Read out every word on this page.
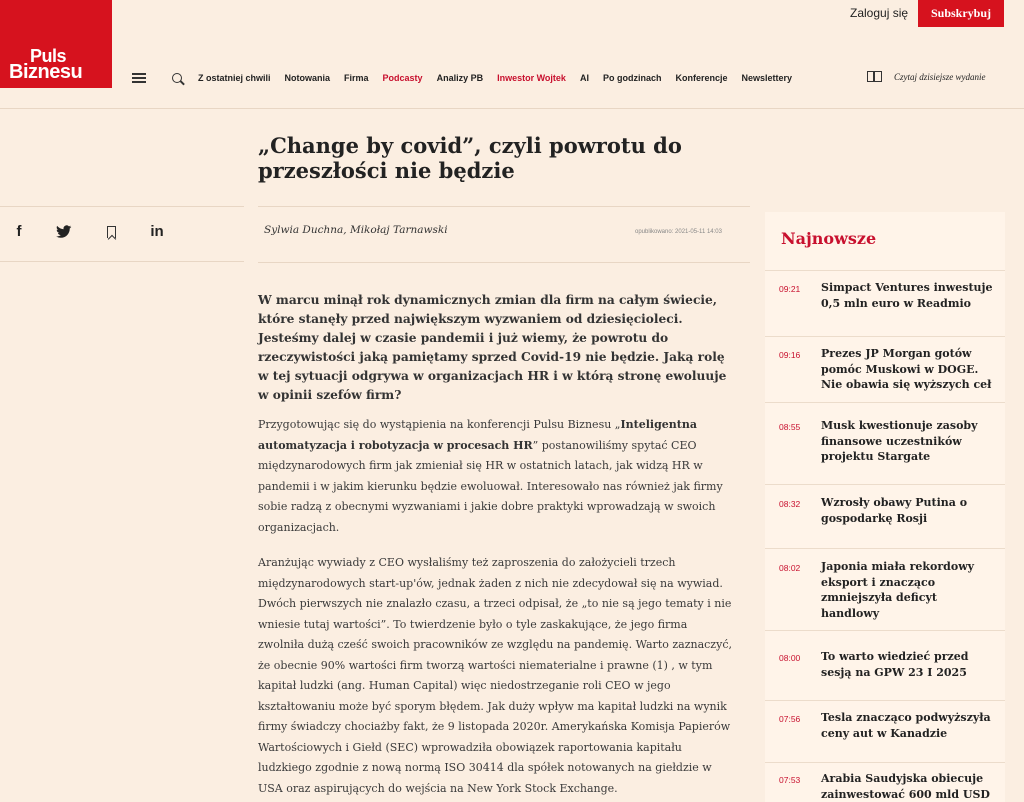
Puls
Biznesu
Zaloguj się	Subskrybuj
Z ostatniej chwili Notowania Firma Podcasty Analizy PB Inwestor Wojtek AI Po godzinach Konferencje Newslettery	Czytaj dzisiejsze wydanie
„Change by covid”, czyli powrotu do przeszłości nie będzie
f	in	Sylwia Duchna, Mikołaj Tarnawski	opublikowano: 2021-05-11 14:03

W marcu minął rok dynamicznych zmian dla firm na całym świecie, które stanęły przed największym wyzwaniem od dziesięcioleci. Jesteśmy dalej w czasie pandemii i już wiemy, że powrotu do rzeczywistości jaką pamiętamy sprzed Covid-19 nie będzie. Jaką rolę w tej sytuacji odgrywa w organizacjach HR i w którą stronę ewoluuje w opinii szefów firm?

Przygotowując się do wystąpienia na konferencji Pulsu Biznesu „Inteligentna automatyzacja i robotyzacja w procesach HR” postanowiliśmy spytać CEO międzynarodowych firm jak zmieniał się HR w ostatnich latach, jak widzą HR w pandemii i w jakim kierunku będzie ewoluował. Interesowało nas również jak firmy sobie radzą z obecnymi wyzwaniami i jakie dobre praktyki wprowadzają w swoich organizacjach.

Aranżując wywiady z CEO wysłaliśmy też zaproszenia do założycieli trzech międzynarodowych start-up'ów, jednak żaden z nich nie zdecydował się na wywiad. Dwóch pierwszych nie znalazło czasu, a trzeci odpisał, że „to nie są jego tematy i nie wniesie tutaj wartości”. To twierdzenie było o tyle zaskakujące, że jego firma zwolniła dużą cześć swoich pracowników ze względu na pandemię. Warto zaznaczyć, że obecnie 90% wartości firm tworzą wartości niematerialne i prawne (1) , w tym kapitał ludzki (ang. Human Capital) więc niedostrzeganie roli CEO w jego kształtowaniu może być sporym błędem. Jak duży wpływ ma kapitał ludzki na wynik firmy świadczy chociażby fakt, że 9 listopada 2020r. Amerykańska Komisja Papierów Wartościowych i Giełd (SEC) wprowadziła obowiązek raportowania kapitału ludzkiego zgodnie z nową normą ISO 30414 dla spółek notowanych na giełdzie w USA oraz aspirujących do wejścia na New York Stock Exchange.

Najnowsze
09:21 Simpact Ventures inwestuje 0,5 mln euro w Readmio
09:16 Prezes JP Morgan gotów pomóc Muskowi w DOGE. Nie obawia się wyższych ceł
08:55 Musk kwestionuje zasoby finansowe uczestników projektu Stargate
08:32 Wzrosły obawy Putina o gospodarkę Rosji
08:02 Japonia miała rekordowy eksport i znacząco zmniejszyła deficyt handlowy
08:00 To warto wiedzieć przed sesją na GPW 23 I 2025
07:56 Tesla znacząco podwyższyła ceny aut w Kanadzie
07:53 Arabia Saudyjska obiecuje zainwestować 600 mld USD
